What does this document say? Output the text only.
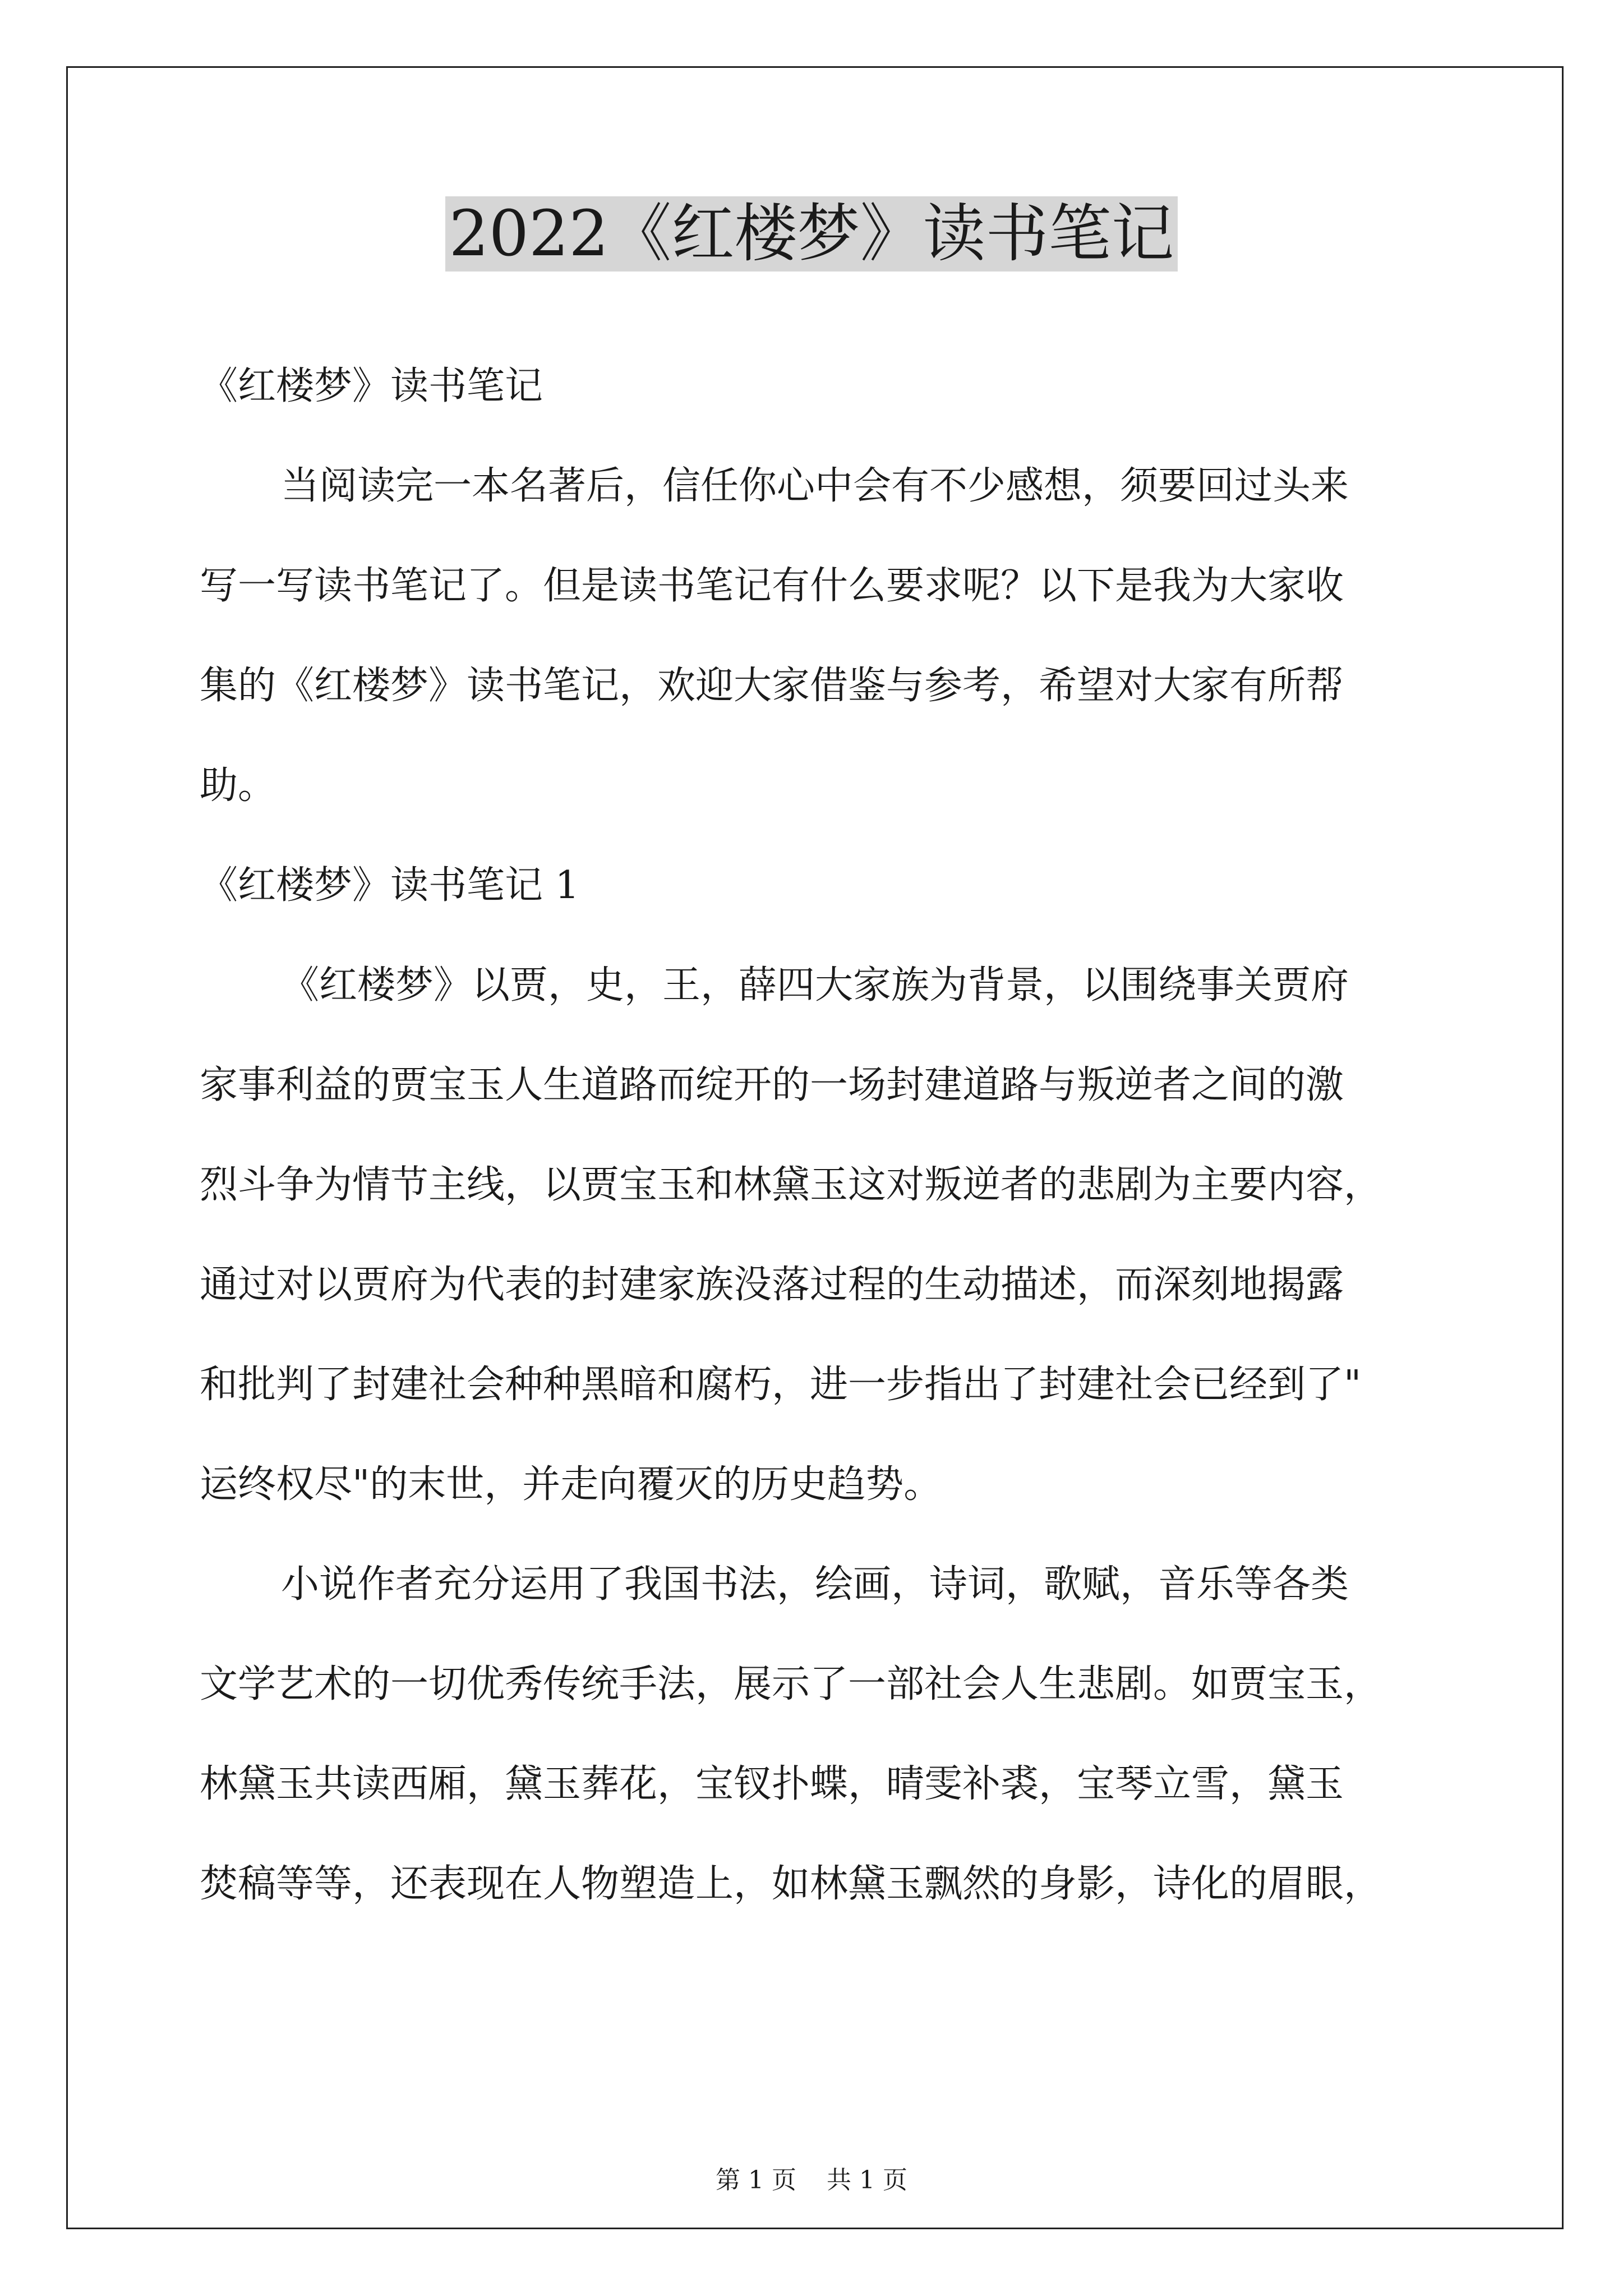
2022《红楼梦》读书笔记
《红楼梦》读书笔记

当阅读完一本名著后，信任你心中会有不少感想，须要回过头来
写一写读书笔记了。但是读书笔记有什么要求呢？以下是我为大家收
集的《红楼梦》读书笔记，欢迎大家借鉴与参考，希望对大家有所帮
助。

《红楼梦》读书笔记 1

《红楼梦》以贾，史，王，薛四大家族为背景，以围绕事关贾府
家事利益的贾宝玉人生道路而绽开的一场封建道路与叛逆者之间的激
烈斗争为情节主线，以贾宝玉和林黛玉这对叛逆者的悲剧为主要内容，
通过对以贾府为代表的封建家族没落过程的生动描述，而深刻地揭露
和批判了封建社会种种黑暗和腐朽，进一步指出了封建社会已经到了"
运终权尽"的末世，并走向覆灭的历史趋势。

小说作者充分运用了我国书法，绘画，诗词，歌赋，音乐等各类
文学艺术的一切优秀传统手法，展示了一部社会人生悲剧。如贾宝玉，
林黛玉共读西厢，黛玉葬花，宝钗扑蝶，晴雯补裘，宝琴立雪，黛玉
焚稿等等，还表现在人物塑造上，如林黛玉飘然的身影，诗化的眉眼，

第 1 页 共 1 页
